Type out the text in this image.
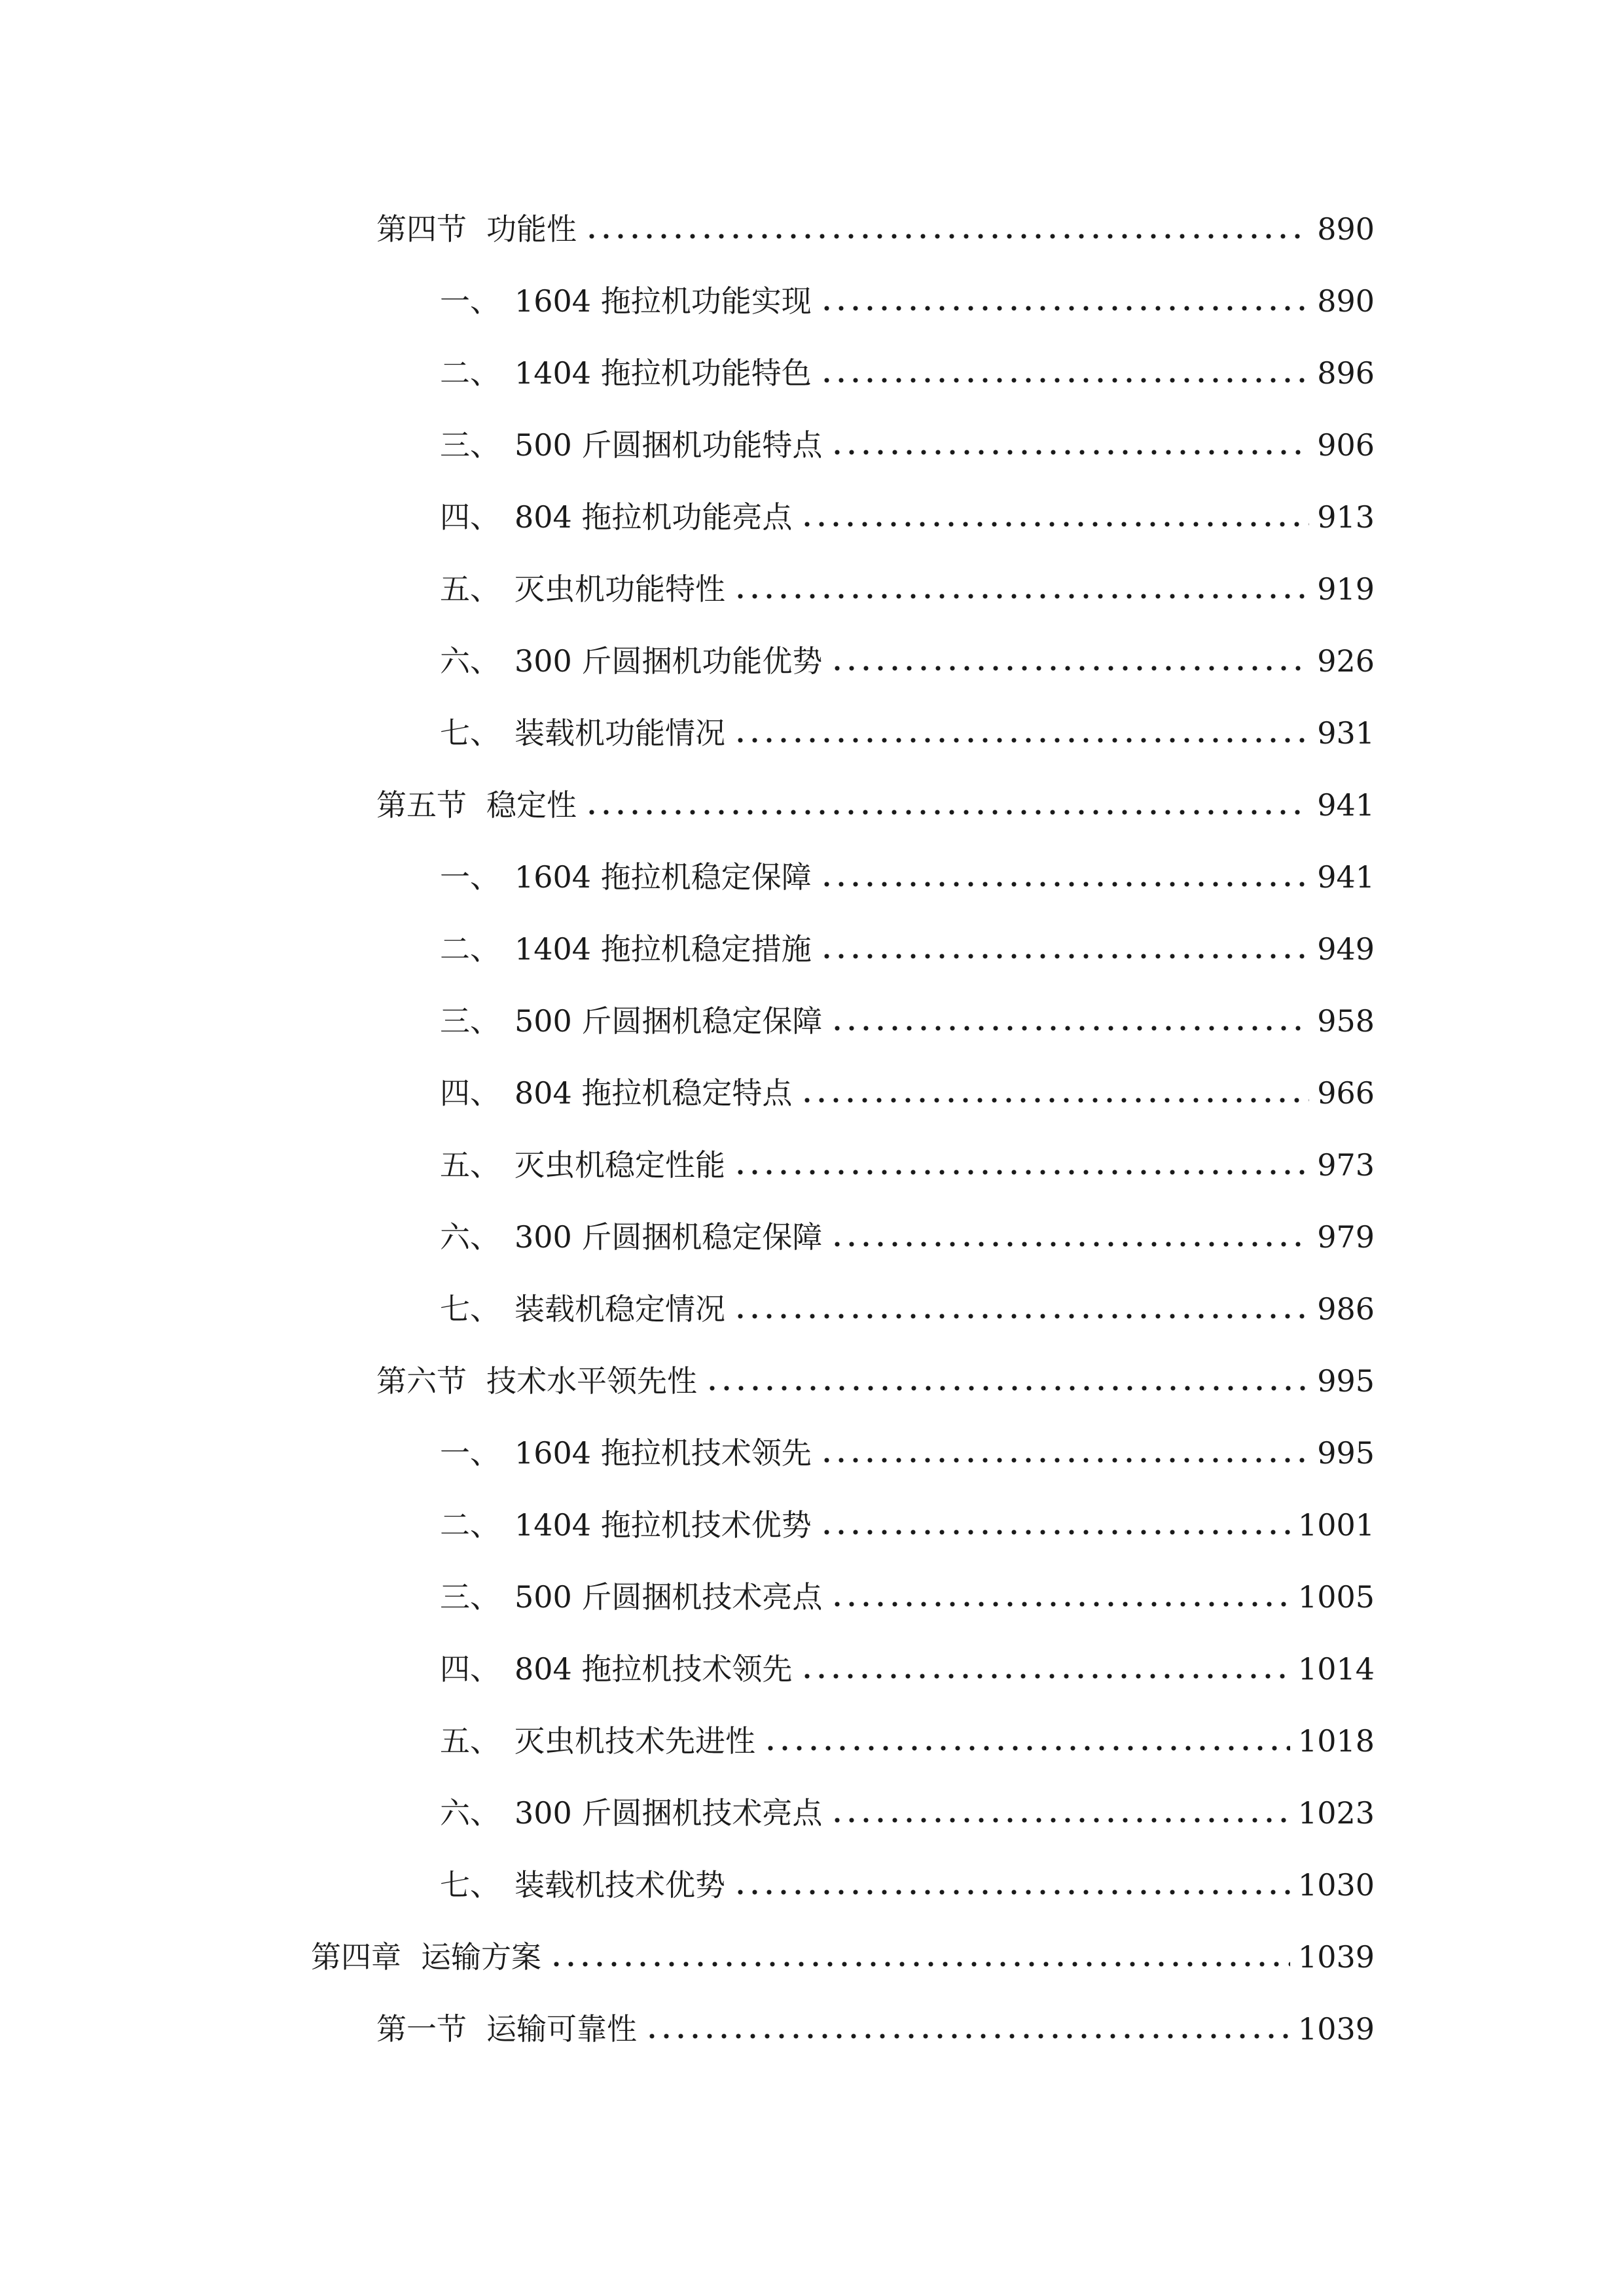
第四节 功能性	890
一、 1604 拖拉机功能实现	890
二、 1404 拖拉机功能特色	896
三、 500 斤圆捆机功能特点	906
四、 804 拖拉机功能亮点	913
五、 灭虫机功能特性	919
六、 300 斤圆捆机功能优势	926
七、 装载机功能情况	931
第五节 稳定性	941
一、 1604 拖拉机稳定保障	941
二、 1404 拖拉机稳定措施	949
三、 500 斤圆捆机稳定保障	958
四、 804 拖拉机稳定特点	966
五、 灭虫机稳定性能	973
六、 300 斤圆捆机稳定保障	979
七、 装载机稳定情况	986
第六节 技术水平领先性	995
一、 1604 拖拉机技术领先	995
二、 1404 拖拉机技术优势	1001
三、 500 斤圆捆机技术亮点	1005
四、 804 拖拉机技术领先	1014
五、 灭虫机技术先进性	1018
六、 300 斤圆捆机技术亮点	1023
七、 装载机技术优势	1030
第四章 运输方案	1039
第一节 运输可靠性	1039
